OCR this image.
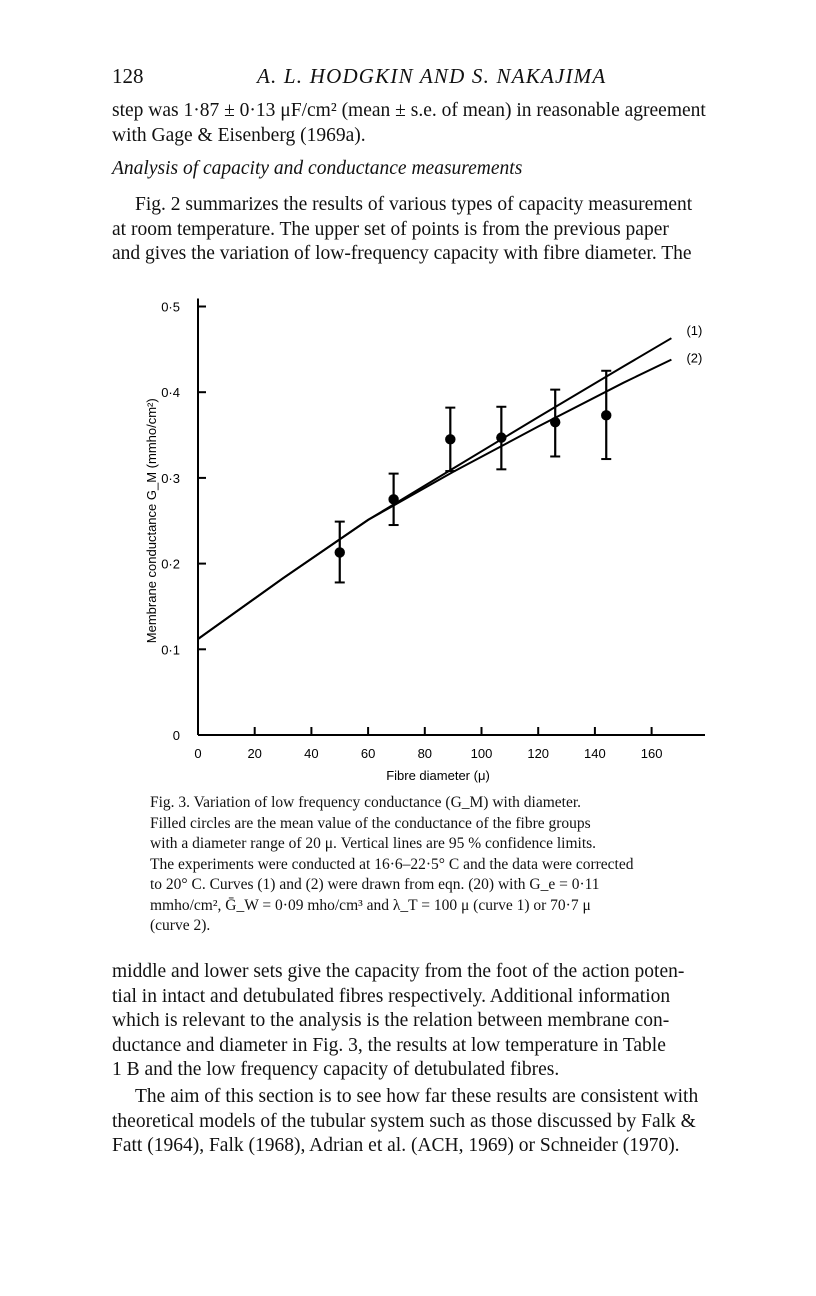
128	A. L. HODGKIN AND S. NAKAJIMA

step was 1·87 ± 0·13 μF/cm² (mean ± s.e. of mean) in reasonable agreement
with Gage & Eisenberg (1969a).

Analysis of capacity and conductance measurements

Fig. 2 summarizes the results of various types of capacity measurement
at room temperature. The upper set of points is from the previous paper
and gives the variation of low-frequency capacity with fibre diameter. The

0	20	40	60	80	100	120	140	160
0
0·1
0·2
0·3
0·4
0·5
Fibre diameter (μ)
Membrane conductance G_M (mmho/cm²)
(1)
(2)

Fig. 3. Variation of low frequency conductance (G_M) with diameter.
Filled circles are the mean value of the conductance of the fibre groups
with a diameter range of 20 μ. Vertical lines are 95 % confidence limits.
The experiments were conducted at 16·6–22·5° C and the data were corrected
to 20° C. Curves (1) and (2) were drawn from eqn. (20) with G_e = 0·11
mmho/cm², Ḡ_W = 0·09 mho/cm³ and λ_T = 100 μ (curve 1) or 70·7 μ
(curve 2).

middle and lower sets give the capacity from the foot of the action poten-
tial in intact and detubulated fibres respectively. Additional information
which is relevant to the analysis is the relation between membrane con-
ductance and diameter in Fig. 3, the results at low temperature in Table
1 B and the low frequency capacity of detubulated fibres.

The aim of this section is to see how far these results are consistent with
theoretical models of the tubular system such as those discussed by Falk &
Fatt (1964), Falk (1968), Adrian et al. (ACH, 1969) or Schneider (1970).
